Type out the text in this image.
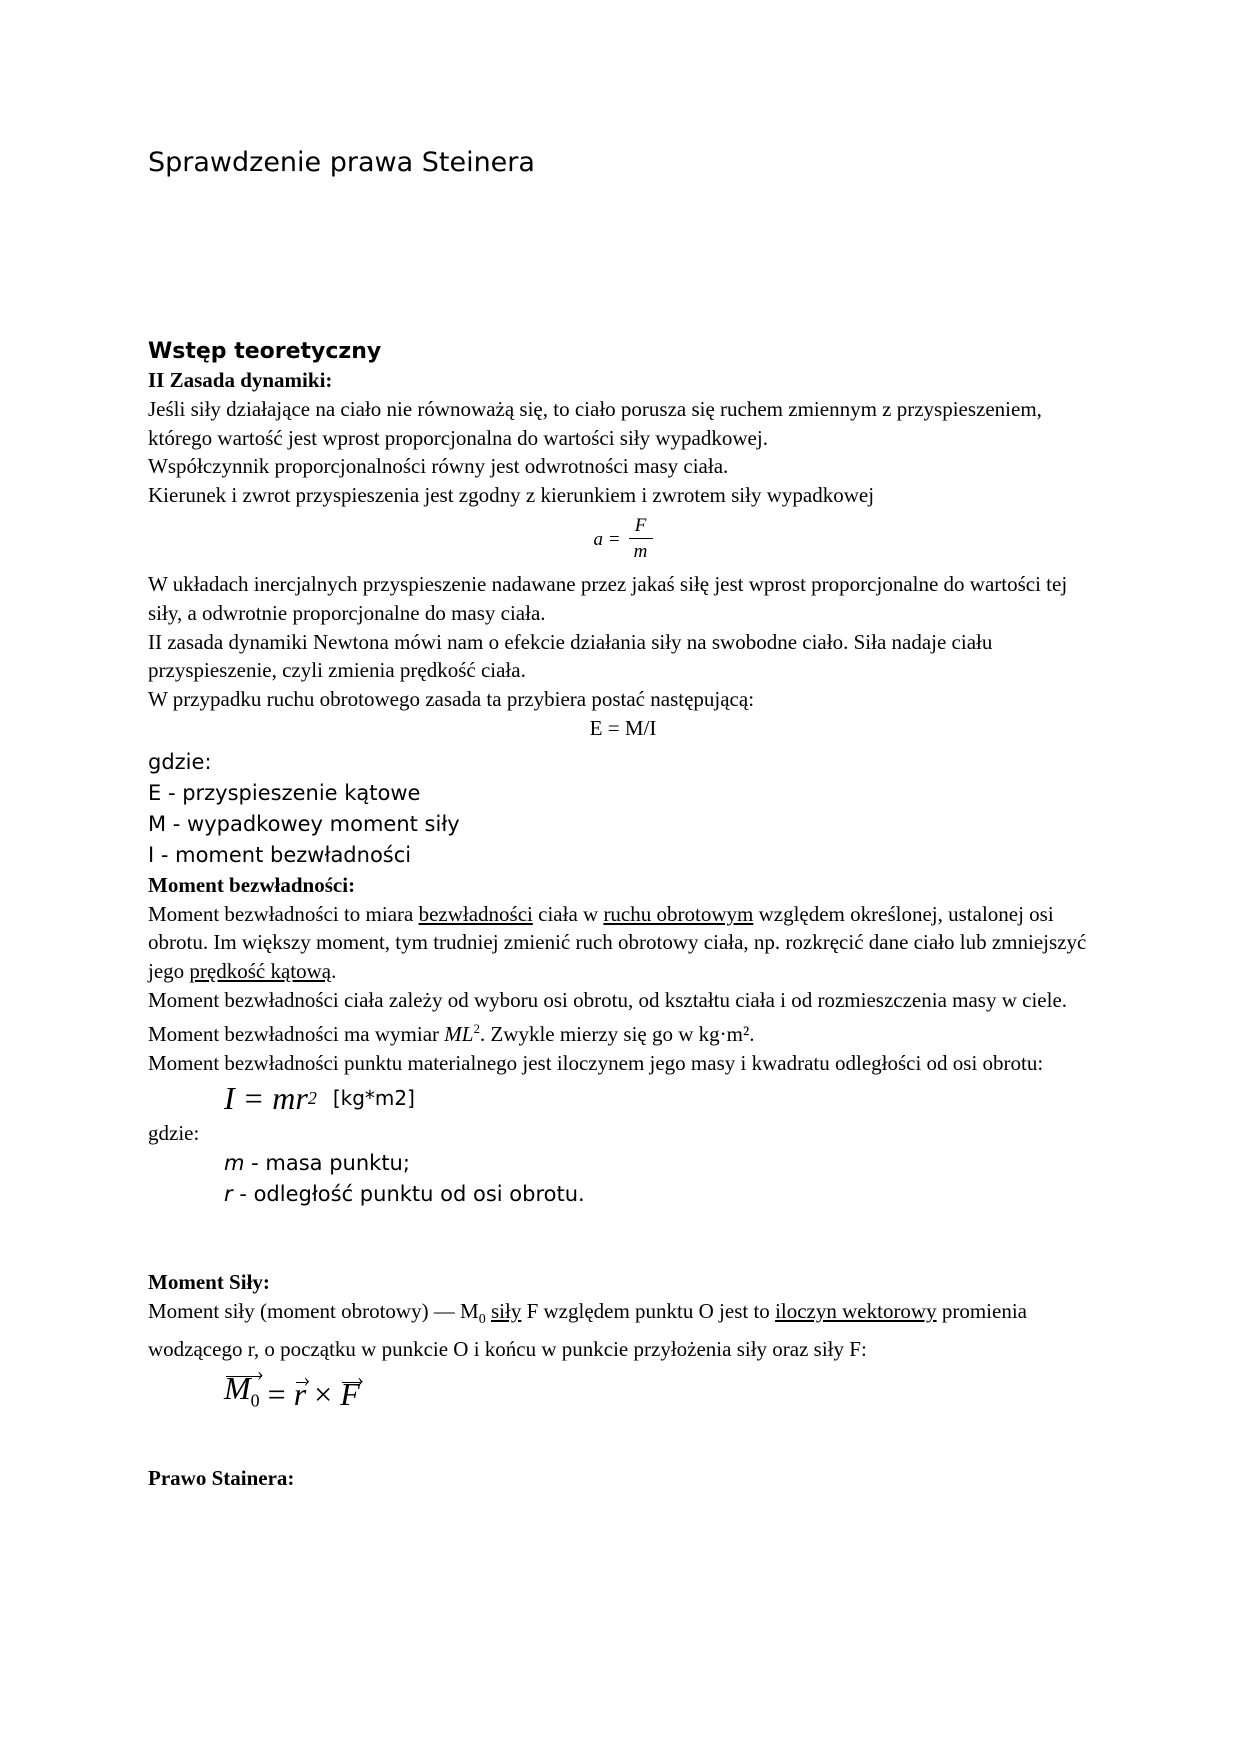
Sprawdzenie prawa Steinera
Wstęp teoretyczny

II Zasada dynamiki:

Jeśli siły działające na ciało nie równoważą się, to ciało porusza się ruchem zmiennym z przyspieszeniem, którego wartość jest wprost proporcjonalna do wartości siły wypadkowej.

Współczynnik proporcjonalności równy jest odwrotności masy ciała.

Kierunek i zwrot przyspieszenia jest zgodny z kierunkiem i zwrotem siły wypadkowej

$a = \frac{F}{m}$

W układach inercjalnych przyspieszenie nadawane przez jakaś siłę jest wprost proporcjonalne do wartości tej siły, a odwrotnie proporcjonalne do masy ciała.

II zasada dynamiki Newtona mówi nam o efekcie działania siły na swobodne ciało. Siła nadaje ciału przyspieszenie, czyli zmienia prędkość ciała.

W przypadku ruchu obrotowego zasada ta przybiera postać następującą:

E = M/I

gdzie:

E - przyspieszenie kątowe

M - wypadkowey moment siły

I - moment bezwładności

Moment bezwładności:

Moment bezwładności to miara bezwładności ciała w ruchu obrotowym względem określonej, ustalonej osi obrotu. Im większy moment, tym trudniej zmienić ruch obrotowy ciała, np. rozkręcić dane ciało lub zmniejszyć jego prędkość kątową.

Moment bezwładności ciała zależy od wyboru osi obrotu, od kształtu ciała i od rozmieszczenia masy w ciele. Moment bezwładności ma wymiar $ML^2$. Zwykle mierzy się go w kg·m².

Moment bezwładności punktu materialnego jest iloczynem jego masy i kwadratu odległości od osi obrotu:

I = mr 2 [kg*m2]

gdzie:

m - masa punktu;

r - odległość punktu od osi obrotu.

Moment Siły:

Moment siły (moment obrotowy) — $M_0$ siły F względem punktu O jest to iloczyn wektorowy promienia wodzącego r, o początku w punkcie O i końcu w punkcie przyłożenia siły oraz siły F:

› $M_0$ = › r × › F

Prawo Stainera:
